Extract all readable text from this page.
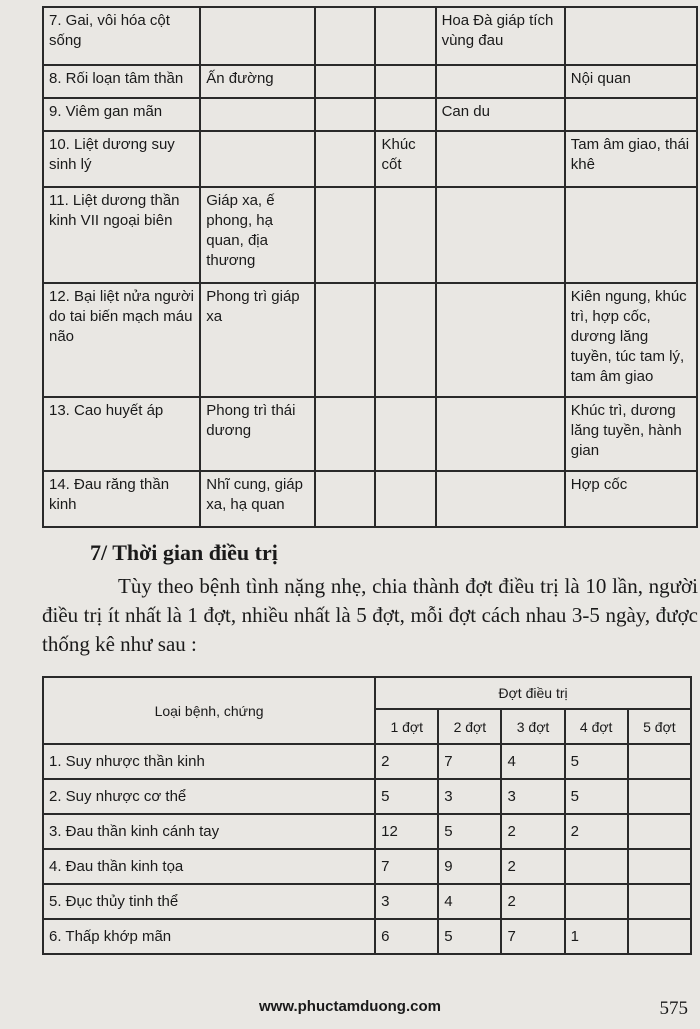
7. Gai, vôi hóa cột sống				Hoa Đà giáp tích vùng đau	
8. Rối loạn tâm thần	Ấn đường				Nội quan
9. Viêm gan mãn				Can du	
10. Liệt dương suy sinh lý			Khúc cốt		Tam âm giao, thái khê
11. Liệt dương thần kinh VII ngoại biên	Giáp xa, ế phong, hạ quan, địa thương				
12. Bại liệt nửa người do tai biến mạch máu não	Phong trì giáp xa				Kiên ngung, khúc trì, hợp cốc, dương lăng tuyền, túc tam lý, tam âm giao
13. Cao huyết áp	Phong trì thái dương				Khúc trì, dương lăng tuyền, hành gian
14. Đau răng thần kinh	Nhĩ cung, giáp xa, hạ quan				Hợp cốc
7/ Thời gian điều trị

Tùy theo bệnh tình nặng nhẹ, chia thành đợt điều trị là 10 lần, người điều trị ít nhất là 1 đợt, nhiều nhất là 5 đợt, mỗi đợt cách nhau 3-5 ngày, được thống kê như sau :

Loại bệnh, chứng	Đợt điều trị				
	1 đợt	2 đợt	3 đợt	4 đợt	5 đợt
1. Suy nhược thần kinh	2	7	4	5	
2. Suy nhược cơ thể	5	3	3	5	
3. Đau thần kinh cánh tay	12	5	2	2	
4. Đau thần kinh tọa	7	9	2		
5. Đục thủy tinh thể	3	4	2		
6. Thấp khớp mãn	6	5	7	1	
www.phuctamduong.com	575
